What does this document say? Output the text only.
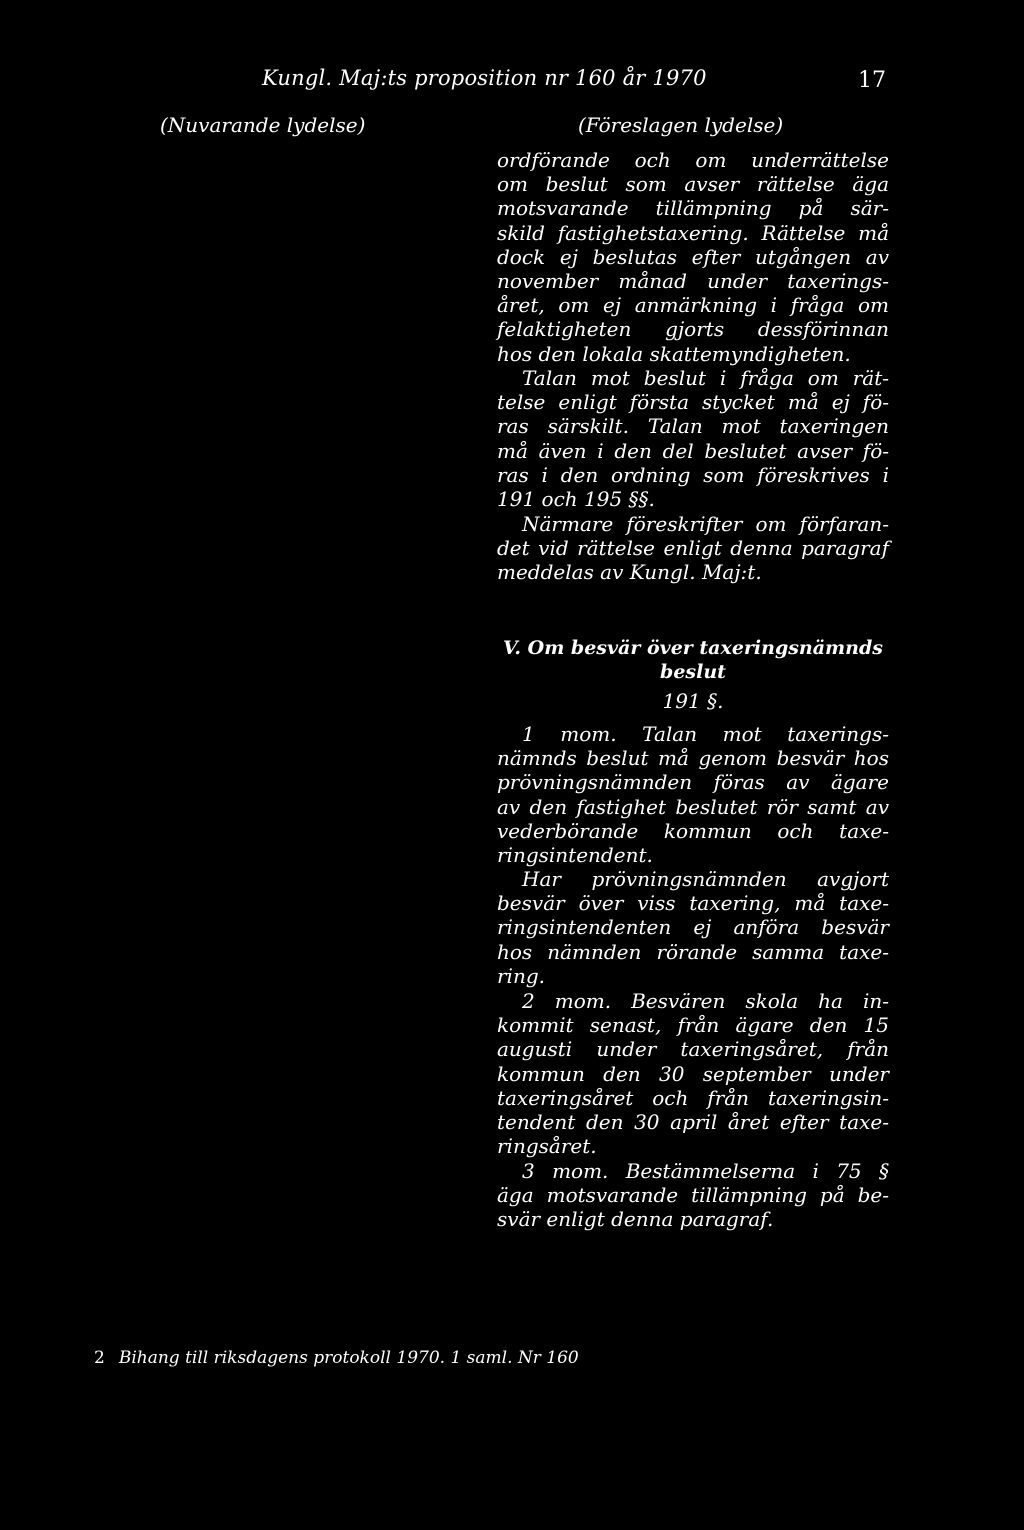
Kungl. Maj:ts proposition nr 160 år 1970	17
(Nuvarande lydelse)	(Föreslagen lydelse)
ordförande och om underrättelse
om beslut som avser rättelse äga
motsvarande tillämpning på sär-
skild fastighetstaxering. Rättelse må
dock ej beslutas efter utgången av
november månad under taxerings-
året, om ej anmärkning i fråga om
felaktigheten gjorts dessförinnan
hos den lokala skattemyndigheten.
Talan mot beslut i fråga om rät-
telse enligt första stycket må ej fö-
ras särskilt. Talan mot taxeringen
må även i den del beslutet avser fö-
ras i den ordning som föreskrives i
191 och 195 §§.
Närmare föreskrifter om förfaran-
det vid rättelse enligt denna paragraf
meddelas av Kungl. Maj:t.
V. Om besvär över taxeringsnämnds
beslut
191 §.
1 mom. Talan mot taxerings-
nämnds beslut må genom besvär hos
prövningsnämnden föras av ägare
av den fastighet beslutet rör samt av
vederbörande kommun och taxe-
ringsintendent.
Har prövningsnämnden avgjort
besvär över viss taxering, må taxe-
ringsintendenten ej anföra besvär
hos nämnden rörande samma taxe-
ring.
2 mom. Besvären skola ha in-
kommit senast, från ägare den 15
augusti under taxeringsåret, från
kommun den 30 september under
taxeringsåret och från taxeringsin-
tendent den 30 april året efter taxe-
ringsåret.
3 mom. Bestämmelserna i 75 §
äga motsvarande tillämpning på be-
svär enligt denna paragraf.
2 Bihang till riksdagens protokoll 1970. 1 saml. Nr 160
